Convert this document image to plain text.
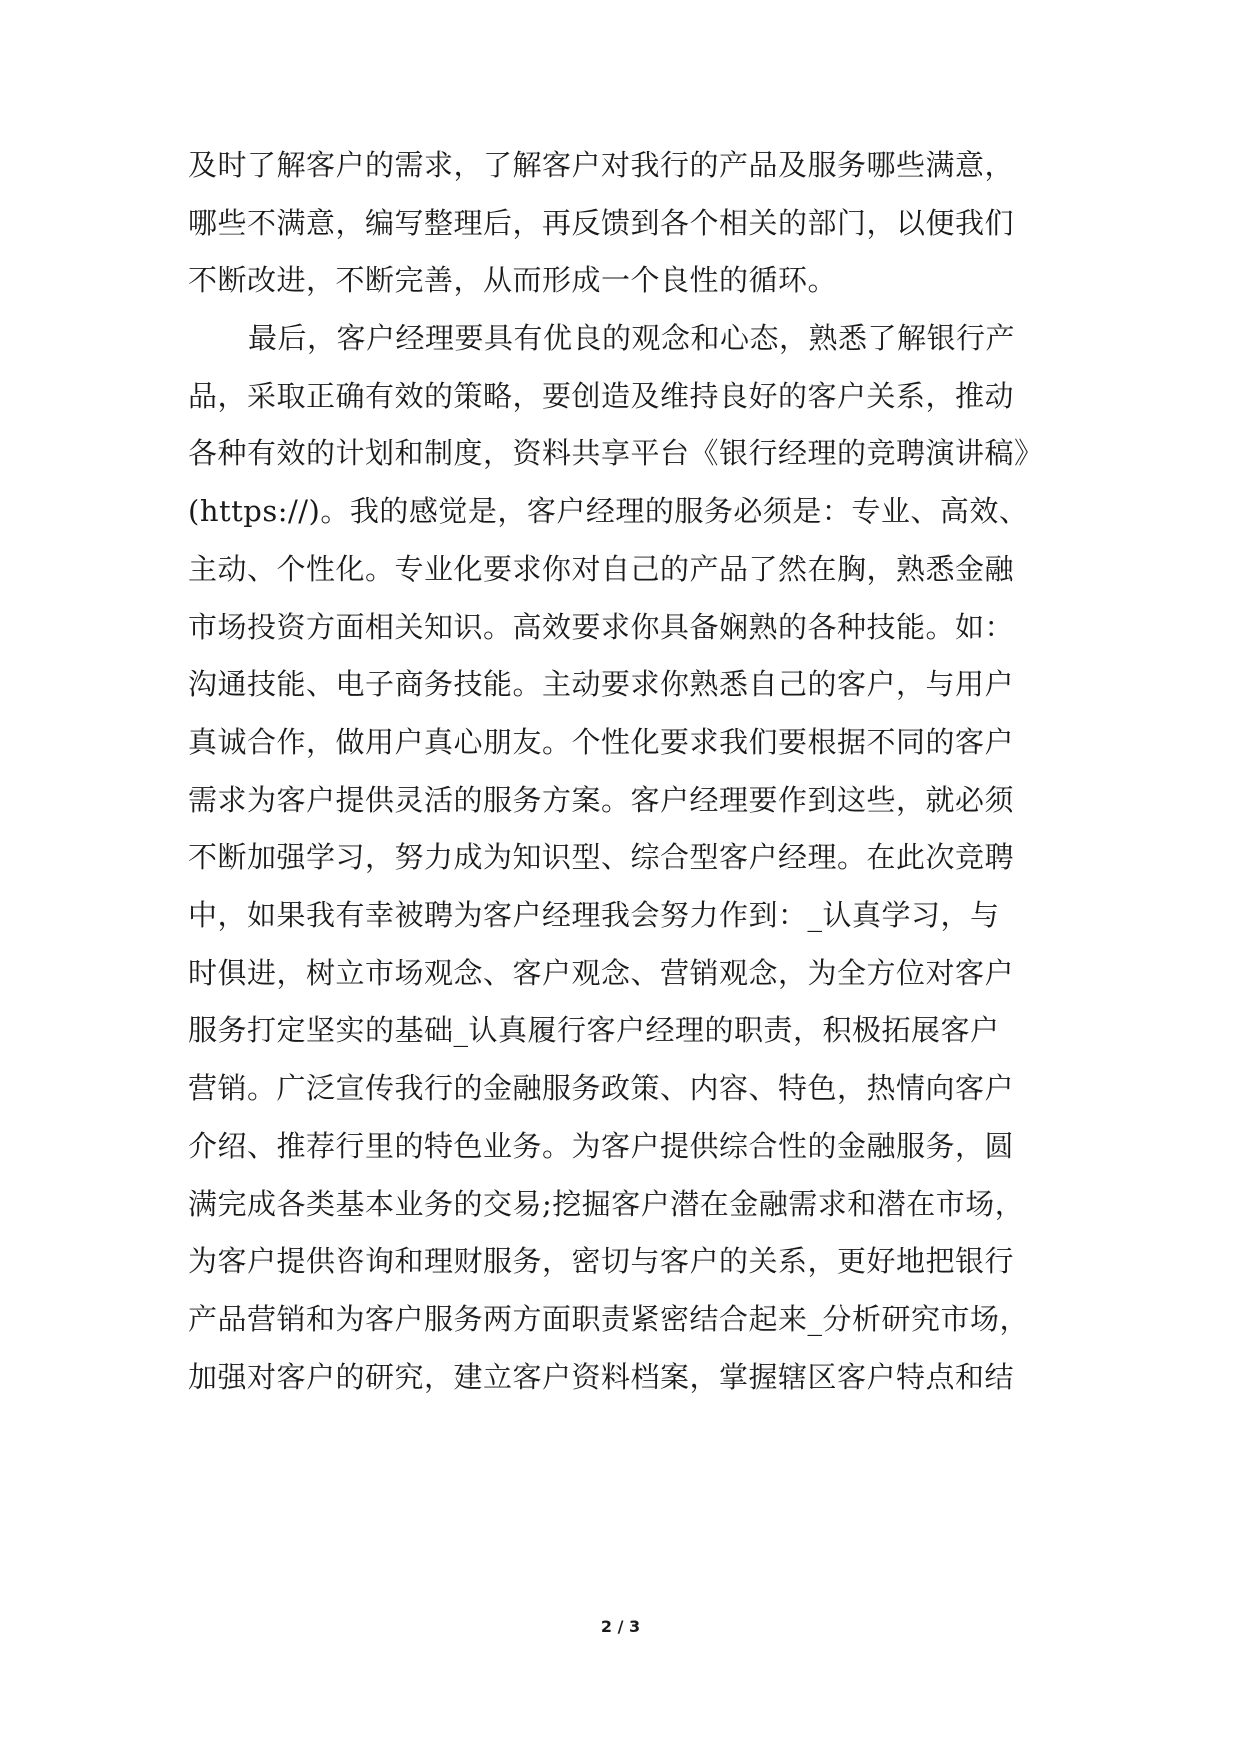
及时了解客户的需求，了解客户对我行的产品及服务哪些满意，
哪些不满意，编写整理后，再反馈到各个相关的部门，以便我们
不断改进，不断完善，从而形成一个良性的循环。
最后，客户经理要具有优良的观念和心态，熟悉了解银行产
品，采取正确有效的策略，要创造及维持良好的客户关系，推动
各种有效的计划和制度，资料共享平台《银行经理的竞聘演讲稿》
(https://)。我的感觉是，客户经理的服务必须是：专业、高效、
主动、个性化。专业化要求你对自己的产品了然在胸，熟悉金融
市场投资方面相关知识。高效要求你具备娴熟的各种技能。如：
沟通技能、电子商务技能。主动要求你熟悉自己的客户，与用户
真诚合作，做用户真心朋友。个性化要求我们要根据不同的客户
需求为客户提供灵活的服务方案。客户经理要作到这些，就必须
不断加强学习，努力成为知识型、综合型客户经理。在此次竞聘
中，如果我有幸被聘为客户经理我会努力作到：_认真学习，与
时俱进，树立市场观念、客户观念、营销观念，为全方位对客户
服务打定坚实的基础_认真履行客户经理的职责，积极拓展客户
营销。广泛宣传我行的金融服务政策、内容、特色，热情向客户
介绍、推荐行里的特色业务。为客户提供综合性的金融服务，圆
满完成各类基本业务的交易;挖掘客户潜在金融需求和潜在市场，
为客户提供咨询和理财服务，密切与客户的关系，更好地把银行
产品营销和为客户服务两方面职责紧密结合起来_分析研究市场，
加强对客户的研究，建立客户资料档案，掌握辖区客户特点和结
2 / 3
